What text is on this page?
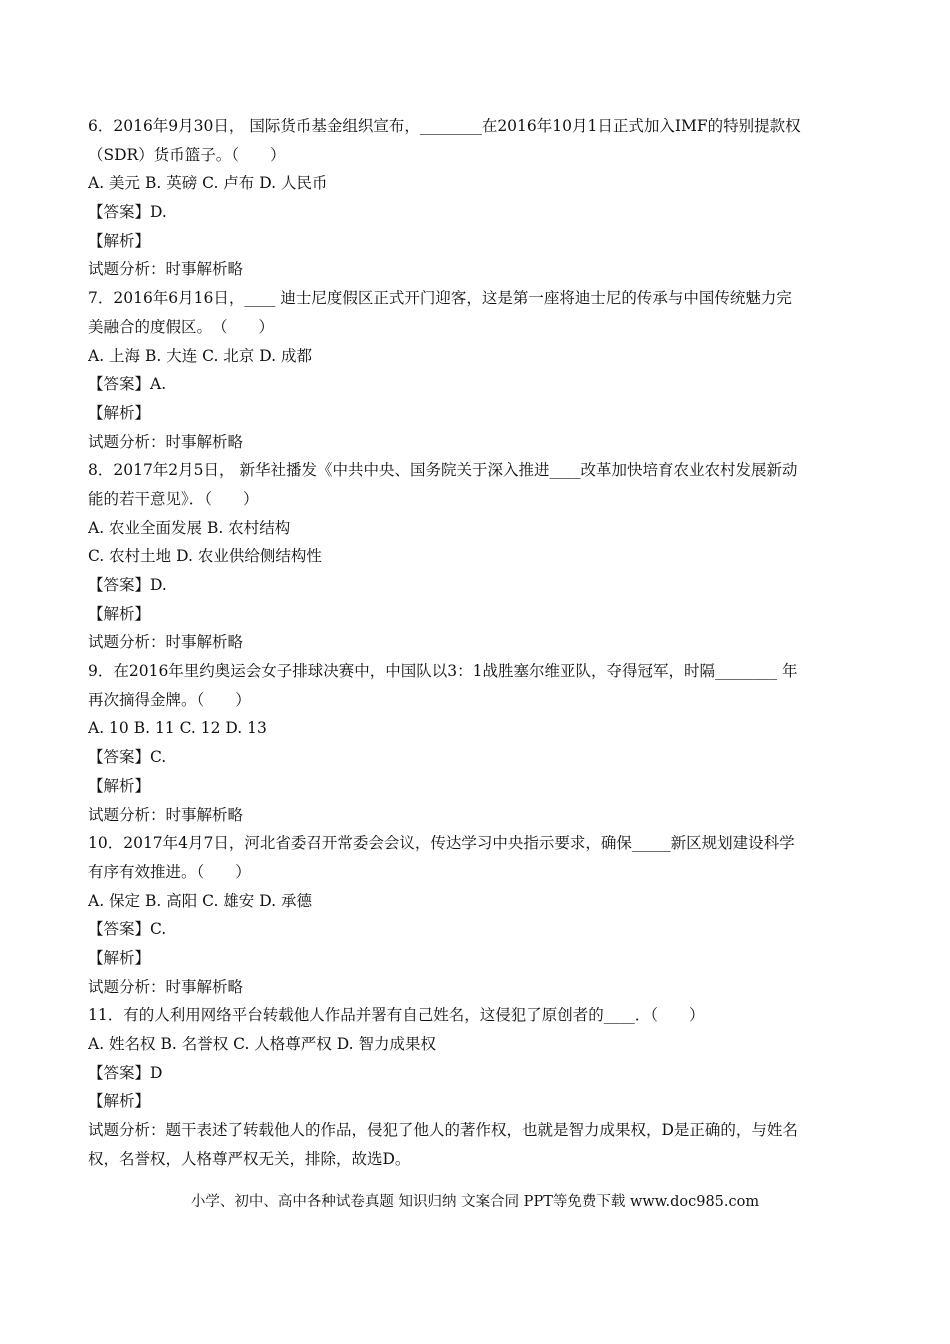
6．2016年9月30日， 国际货币基金组织宣布，________在2016年10月1日正式加入IMF的特别提款权
（SDR）货币篮子。（　　）
A. 美元 B. 英磅 C. 卢布 D. 人民币
【答案】D.
【解析】
试题分析：时事解析略
7．2016年6月16日，____ 迪士尼度假区正式开门迎客，这是第一座将迪士尼的传承与中国传统魅力完
美融合的度假区。　（　　）
A. 上海 B. 大连 C. 北京 D. 成都
【答案】A.
【解析】
试题分析：时事解析略
8．2017年2月5日， 新华社播发《中共中央、国务院关于深入推进____改革加快培育农业农村发展新动
能的若干意见》．（　　）
A. 农业全面发展 B. 农村结构
C. 农村土地 D. 农业供给侧结构性
【答案】D.
【解析】
试题分析：时事解析略
9．在2016年里约奥运会女子排球决赛中，中国队以3：1战胜塞尔维亚队，夺得冠军，时隔________ 年
再次摘得金牌。（　　）
A. 10 B. 11 C. 12 D. 13
【答案】C.
【解析】
试题分析：时事解析略
10．2017年4月7日，河北省委召开常委会会议，传达学习中央指示要求，确保_____新区规划建设科学
有序有效推进。（　　）
A. 保定 B. 高阳 C. 雄安 D. 承德
【答案】C.
【解析】
试题分析：时事解析略
11．有的人利用网络平台转载他人作品并署有自己姓名，这侵犯了原创者的____．（　　）
A. 姓名权 B. 名誉权 C. 人格尊严权 D. 智力成果权
【答案】D
【解析】
试题分析：题干表述了转载他人的作品，侵犯了他人的著作权，也就是智力成果权，D是正确的，与姓名
权，名誉权，人格尊严权无关，排除，故选D。
小学、初中、高中各种试卷真题 知识归纳 文案合同 PPT等免费下载 www.doc985.com
